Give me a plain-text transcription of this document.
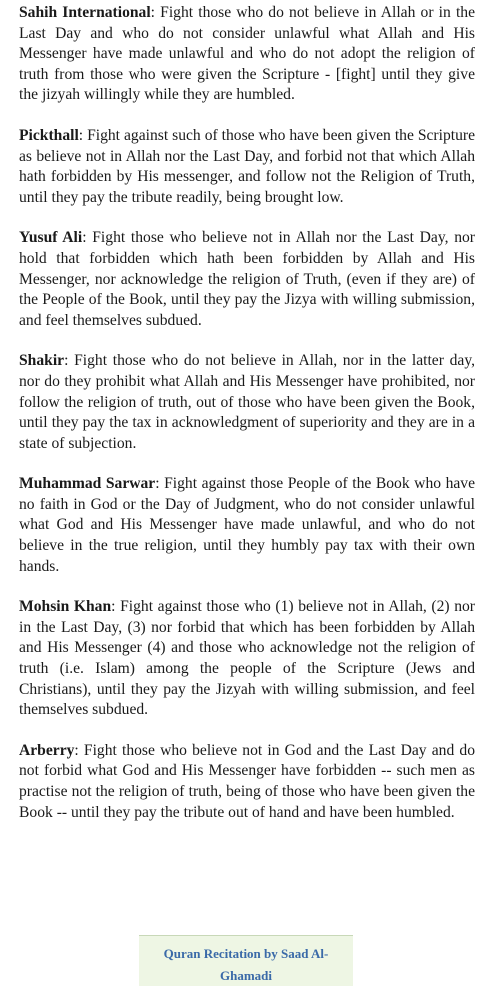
Sahih International: Fight those who do not believe in Allah or in the Last Day and who do not consider unlawful what Allah and His Messenger have made unlawful and who do not adopt the religion of truth from those who were given the Scripture - [fight] until they give the jizyah willingly while they are humbled.

Pickthall: Fight against such of those who have been given the Scripture as believe not in Allah nor the Last Day, and forbid not that which Allah hath forbidden by His messenger, and follow not the Religion of Truth, until they pay the tribute readily, being brought low.

Yusuf Ali: Fight those who believe not in Allah nor the Last Day, nor hold that forbidden which hath been forbidden by Allah and His Messenger, nor acknowledge the religion of Truth, (even if they are) of the People of the Book, until they pay the Jizya with willing submission, and feel themselves subdued.

Shakir: Fight those who do not believe in Allah, nor in the latter day, nor do they prohibit what Allah and His Messenger have prohibited, nor follow the religion of truth, out of those who have been given the Book, until they pay the tax in acknowledgment of superiority and they are in a state of subjection.

Muhammad Sarwar: Fight against those People of the Book who have no faith in God or the Day of Judgment, who do not consider unlawful what God and His Messenger have made unlawful, and who do not believe in the true religion, until they humbly pay tax with their own hands.

Mohsin Khan: Fight against those who (1) believe not in Allah, (2) nor in the Last Day, (3) nor forbid that which has been forbidden by Allah and His Messenger (4) and those who acknowledge not the religion of truth (i.e. Islam) among the people of the Scripture (Jews and Christians), until they pay the Jizyah with willing submission, and feel themselves subdued.

Arberry: Fight those who believe not in God and the Last Day and do not forbid what God and His Messenger have forbidden -- such men as practise not the religion of truth, being of those who have been given the Book -- until they pay the tribute out of hand and have been humbled.

Quran Recitation by Saad Al-Ghamadi
